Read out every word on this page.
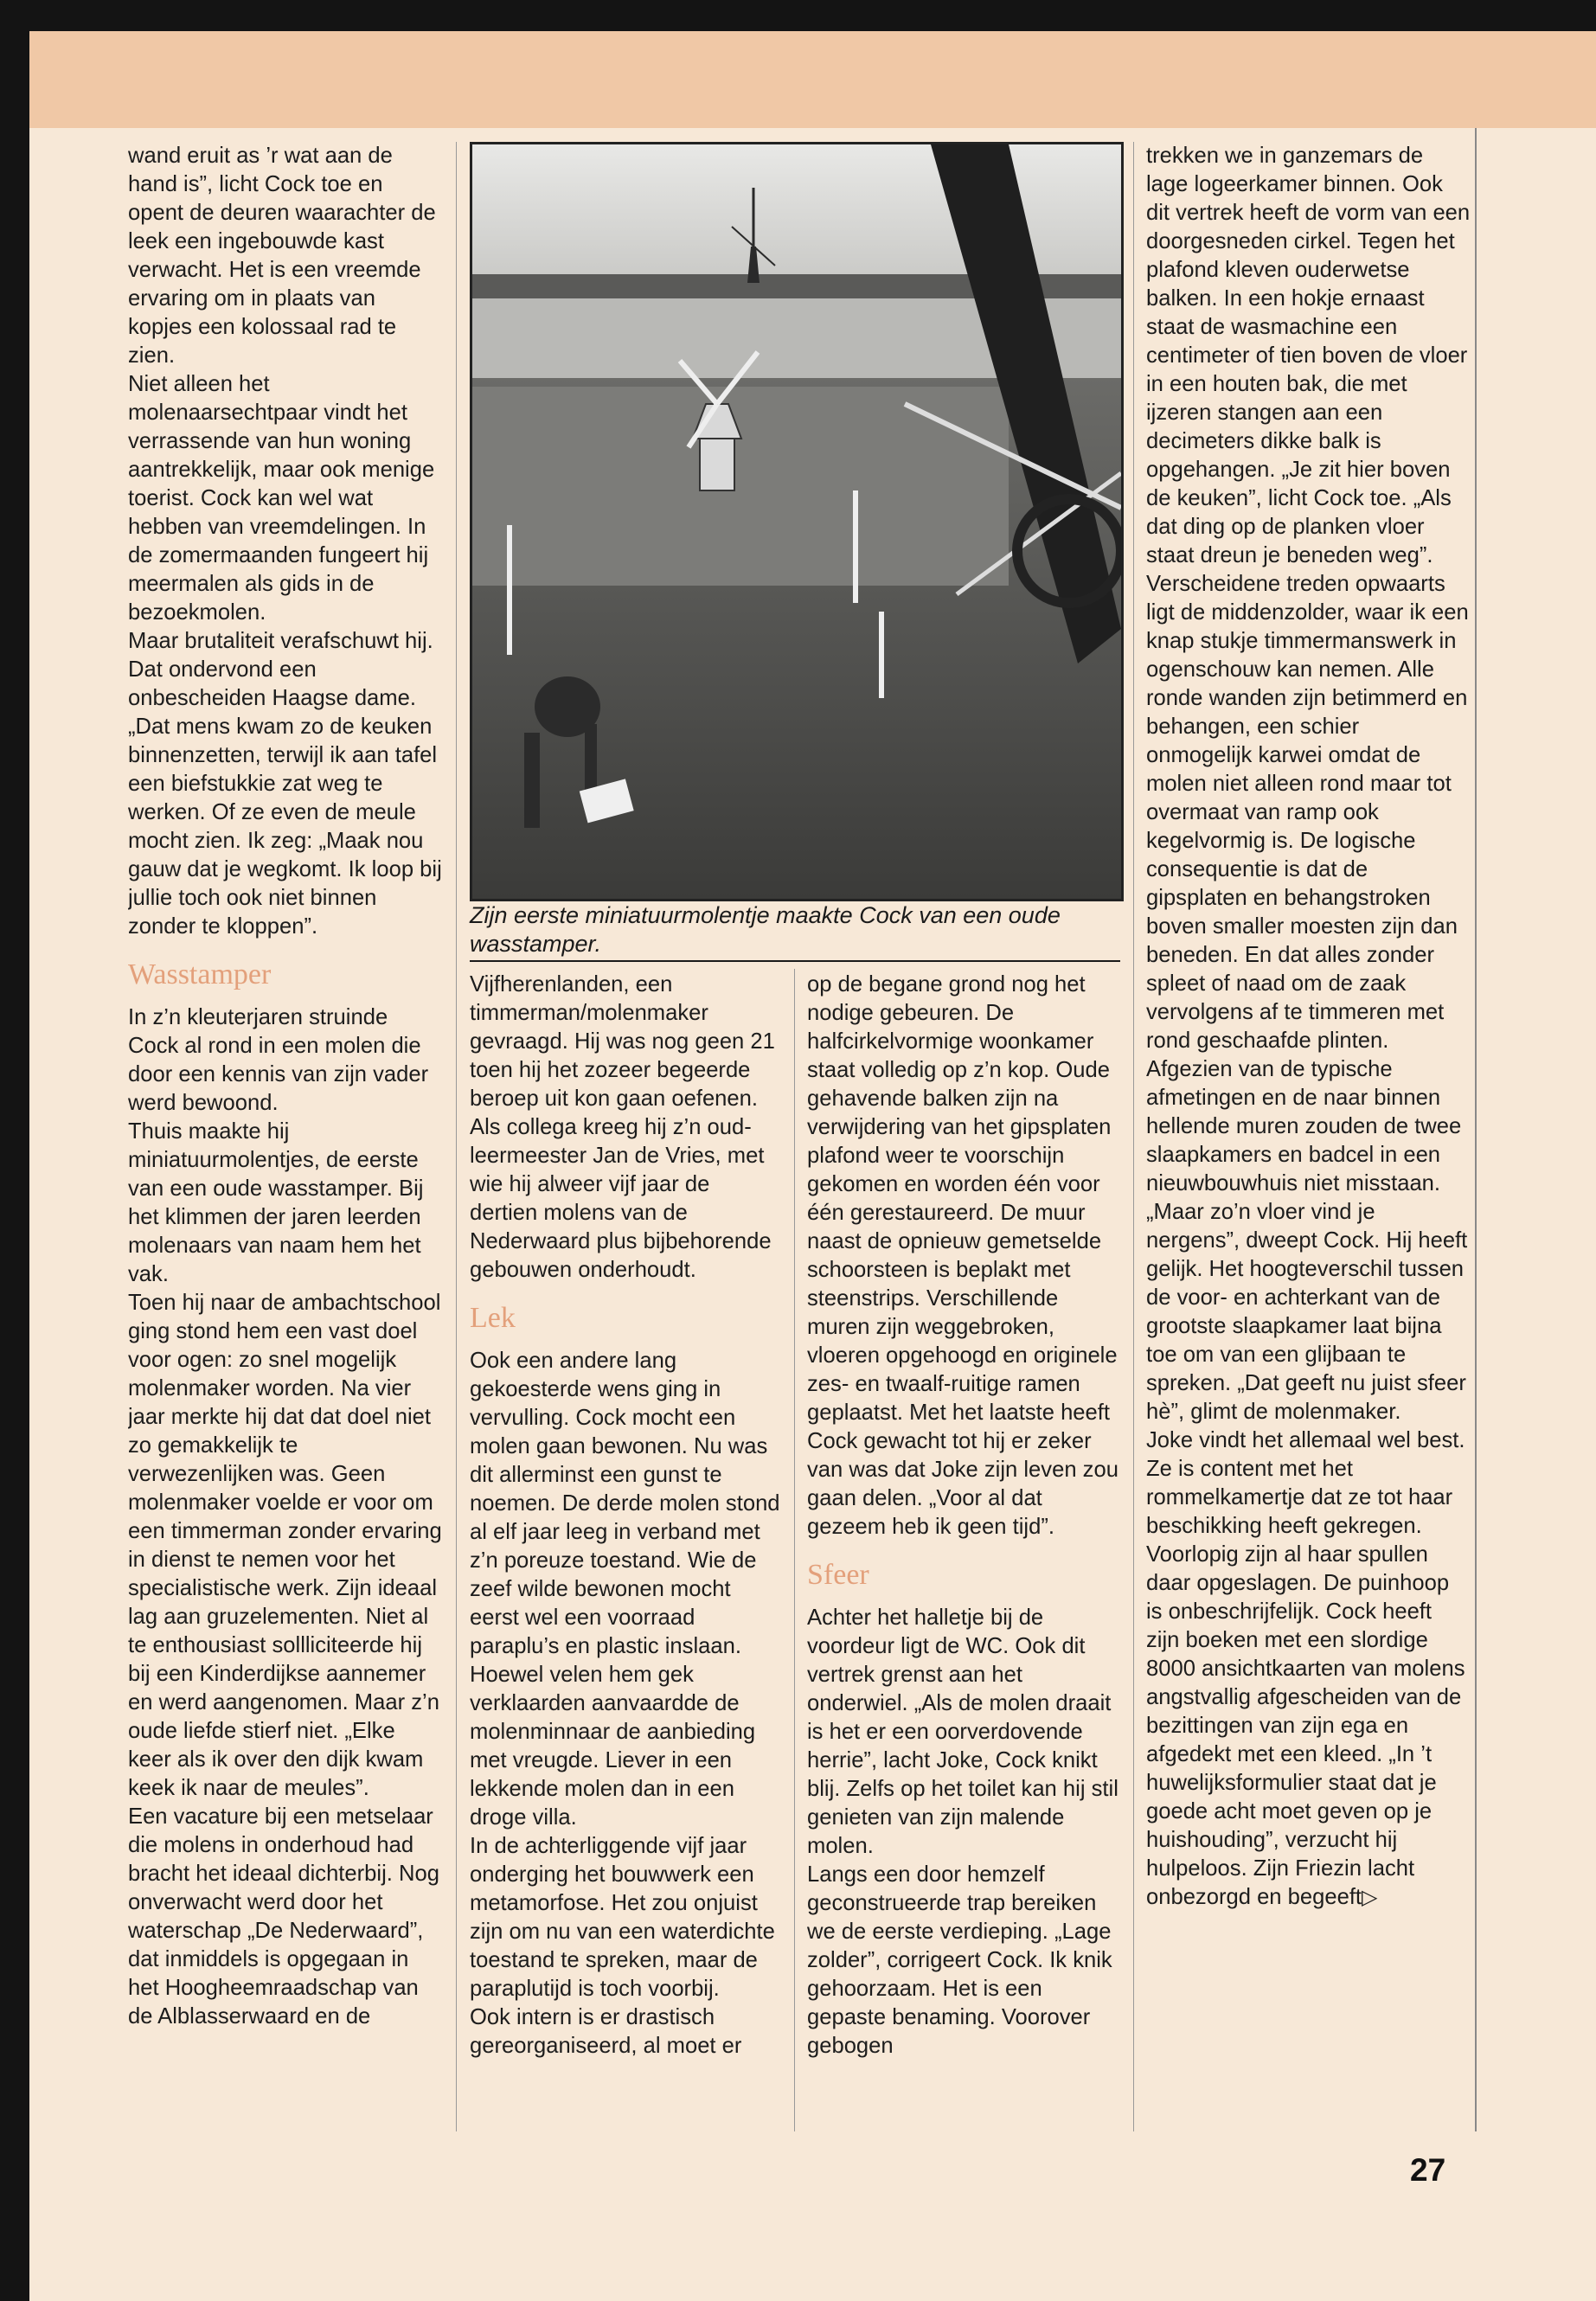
wand eruit as ’r wat aan de hand is”, licht Cock toe en opent de deuren waarachter de leek een ingebouwde kast verwacht. Het is een vreemde ervaring om in plaats van kopjes een kolossaal rad te zien.

Niet alleen het molenaarsechtpaar vindt het verrassende van hun woning aantrekkelijk, maar ook menige toerist. Cock kan wel wat hebben van vreemdelingen. In de zomermaanden fungeert hij meermalen als gids in de bezoekmolen.

Maar brutaliteit verafschuwt hij. Dat ondervond een onbescheiden Haagse dame. „Dat mens kwam zo de keuken binnenzetten, terwijl ik aan tafel een biefstukkie zat weg te werken. Of ze even de meule mocht zien. Ik zeg: „Maak nou gauw dat je wegkomt. Ik loop bij jullie toch ook niet binnen zonder te kloppen”.

Wasstamper

In z’n kleuterjaren struinde Cock al rond in een molen die door een kennis van zijn vader werd bewoond.

Thuis maakte hij miniatuurmolentjes, de eerste van een oude wasstamper. Bij het klimmen der jaren leerden molenaars van naam hem het vak.

Toen hij naar de ambachtschool ging stond hem een vast doel voor ogen: zo snel mogelijk molenmaker worden. Na vier jaar merkte hij dat dat doel niet zo gemakkelijk te verwezenlijken was. Geen molenmaker voelde er voor om een timmerman zonder ervaring in dienst te nemen voor het specialistische werk. Zijn ideaal lag aan gruzelementen. Niet al te enthousiast sollliciteerde hij bij een Kinderdijkse aannemer en werd aangenomen. Maar z’n oude liefde stierf niet. „Elke keer als ik over den dijk kwam keek ik naar de meules”.

Een vacature bij een metselaar die molens in onderhoud had bracht het ideaal dichterbij. Nog onverwacht werd door het waterschap „De Nederwaard”, dat inmiddels is opgegaan in het Hoogheemraadschap van de Alblasserwaard en de

Zijn eerste miniatuurmolentje maakte Cock van een oude wasstamper.

Vijfherenlanden, een timmerman/molenmaker gevraagd. Hij was nog geen 21 toen hij het zozeer begeerde beroep uit kon gaan oefenen. Als collega kreeg hij z’n oud-leermeester Jan de Vries, met wie hij alweer vijf jaar de dertien molens van de Nederwaard plus bijbehorende gebouwen onderhoudt.

Lek

Ook een andere lang gekoesterde wens ging in vervulling. Cock mocht een molen gaan bewonen. Nu was dit allerminst een gunst te noemen. De derde molen stond al elf jaar leeg in verband met z’n poreuze toestand. Wie de zeef wilde bewonen mocht eerst wel een voorraad paraplu’s en plastic inslaan. Hoewel velen hem gek verklaarden aanvaardde de molenminnaar de aanbieding met vreugde. Liever in een lekkende molen dan in een droge villa.

In de achterliggende vijf jaar onderging het bouwwerk een metamorfose. Het zou onjuist zijn om nu van een waterdichte toestand te spreken, maar de paraplutijd is toch voorbij.

Ook intern is er drastisch gereorganiseerd, al moet er

op de begane grond nog het nodige gebeuren. De halfcirkelvormige woonkamer staat volledig op z’n kop. Oude gehavende balken zijn na verwijdering van het gipsplaten plafond weer te voorschijn gekomen en worden één voor één gerestaureerd. De muur naast de opnieuw gemetselde schoorsteen is beplakt met steenstrips. Verschillende muren zijn weggebroken, vloeren opgehoogd en originele zes- en twaalf-ruitige ramen geplaatst. Met het laatste heeft Cock gewacht tot hij er zeker van was dat Joke zijn leven zou gaan delen. „Voor al dat gezeem heb ik geen tijd”.

Sfeer

Achter het halletje bij de voordeur ligt de WC. Ook dit vertrek grenst aan het onderwiel. „Als de molen draait is het er een oorverdovende herrie”, lacht Joke, Cock knikt blij. Zelfs op het toilet kan hij stil genieten van zijn malende molen.

Langs een door hemzelf geconstrueerde trap bereiken we de eerste verdieping. „Lage zolder”, corrigeert Cock. Ik knik gehoorzaam. Het is een gepaste benaming. Voorover gebogen

trekken we in ganzemars de lage logeerkamer binnen. Ook dit vertrek heeft de vorm van een doorgesneden cirkel. Tegen het plafond kleven ouderwetse balken. In een hokje ernaast staat de wasmachine een centimeter of tien boven de vloer in een houten bak, die met ijzeren stangen aan een decimeters dikke balk is opgehangen. „Je zit hier boven de keuken”, licht Cock toe. „Als dat ding op de planken vloer staat dreun je beneden weg”.

Verscheidene treden opwaarts ligt de middenzolder, waar ik een knap stukje timmermanswerk in ogenschouw kan nemen. Alle ronde wanden zijn betimmerd en behangen, een schier onmogelijk karwei omdat de molen niet alleen rond maar tot overmaat van ramp ook kegelvormig is. De logische consequentie is dat de gipsplaten en behangstroken boven smaller moesten zijn dan beneden. En dat alles zonder spleet of naad om de zaak vervolgens af te timmeren met rond geschaafde plinten.

Afgezien van de typische afmetingen en de naar binnen hellende muren zouden de twee slaapkamers en badcel in een nieuwbouwhuis niet misstaan. „Maar zo’n vloer vind je nergens”, dweept Cock. Hij heeft gelijk. Het hoogteverschil tussen de voor- en achterkant van de grootste slaapkamer laat bijna toe om van een glijbaan te spreken. „Dat geeft nu juist sfeer hè”, glimt de molenmaker.

Joke vindt het allemaal wel best. Ze is content met het rommelkamertje dat ze tot haar beschikking heeft gekregen. Voorlopig zijn al haar spullen daar opgeslagen. De puinhoop is onbeschrijfelijk. Cock heeft zijn boeken met een slordige 8000 ansichtkaarten van molens angstvallig afgescheiden van de bezittingen van zijn ega en afgedekt met een kleed. „In ’t huwelijksformulier staat dat je goede acht moet geven op je huishouding”, verzucht hij hulpeloos. Zijn Friezin lacht onbezorgd en begeeft▷

27
